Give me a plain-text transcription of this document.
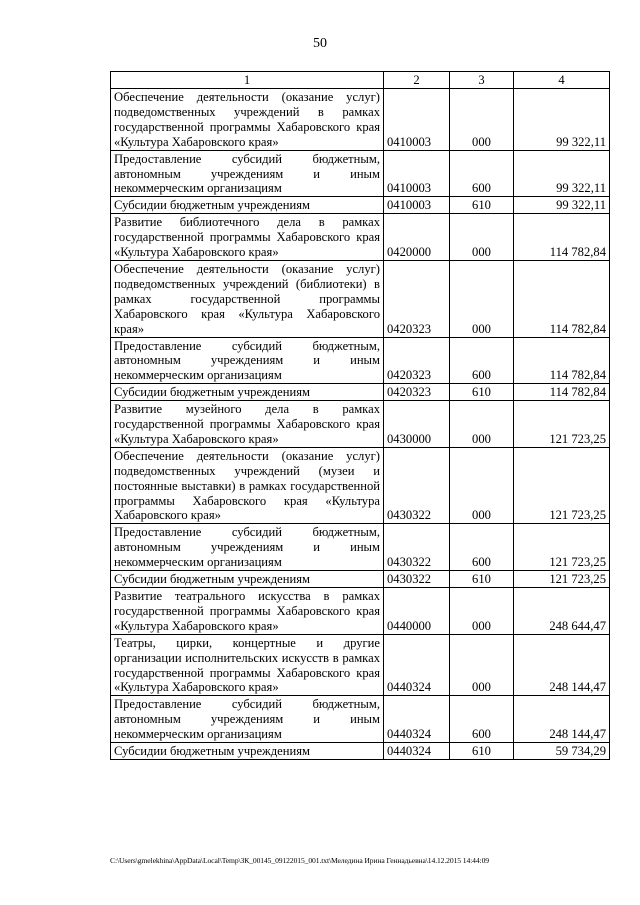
50
1	2	3	4
Обеспечение деятельности (оказание услуг) подведомственных учреждений в рамках государственной программы Хабаровского края «Культура Хабаровского края»	0410003	000	99 322,11
Предоставление субсидий бюджетным, автономным учреждениям и иным некоммерческим организациям	0410003	600	99 322,11
Субсидии бюджетным учреждениям	0410003	610	99 322,11
Развитие библиотечного дела в рамках государственной программы Хабаровского края «Культура Хабаровского края»	0420000	000	114 782,84
Обеспечение деятельности (оказание услуг) подведомственных учреждений (библиотеки) в рамках государственной программы Хабаровского края «Культура Хабаровского края»	0420323	000	114 782,84
Предоставление субсидий бюджетным, автономным учреждениям и иным некоммерческим организациям	0420323	600	114 782,84
Субсидии бюджетным учреждениям	0420323	610	114 782,84
Развитие музейного дела в рамках государственной программы Хабаровского края «Культура Хабаровского края»	0430000	000	121 723,25
Обеспечение деятельности (оказание услуг) подведомственных учреждений (музеи и постоянные выставки) в рамках государственной программы Хабаровского края «Культура Хабаровского края»	0430322	000	121 723,25
Предоставление субсидий бюджетным, автономным учреждениям и иным некоммерческим организациям	0430322	600	121 723,25
Субсидии бюджетным учреждениям	0430322	610	121 723,25
Развитие театрального искусства в рамках государственной программы Хабаровского края «Культура Хабаровского края»	0440000	000	248 644,47
Театры, цирки, концертные и другие организации исполнительских искусств в рамках государственной программы Хабаровского края «Культура Хабаровского края»	0440324	000	248 144,47
Предоставление субсидий бюджетным, автономным учреждениям и иным некоммерческим организациям	0440324	600	248 144,47
Субсидии бюджетным учреждениям	0440324	610	59 734,29
C:\Users\gmelekhina\AppData\Local\Temp\ЗК_00145_09122015_001.txt\Меледина Ирина Геннадьевна\14.12.2015 14:44:09
